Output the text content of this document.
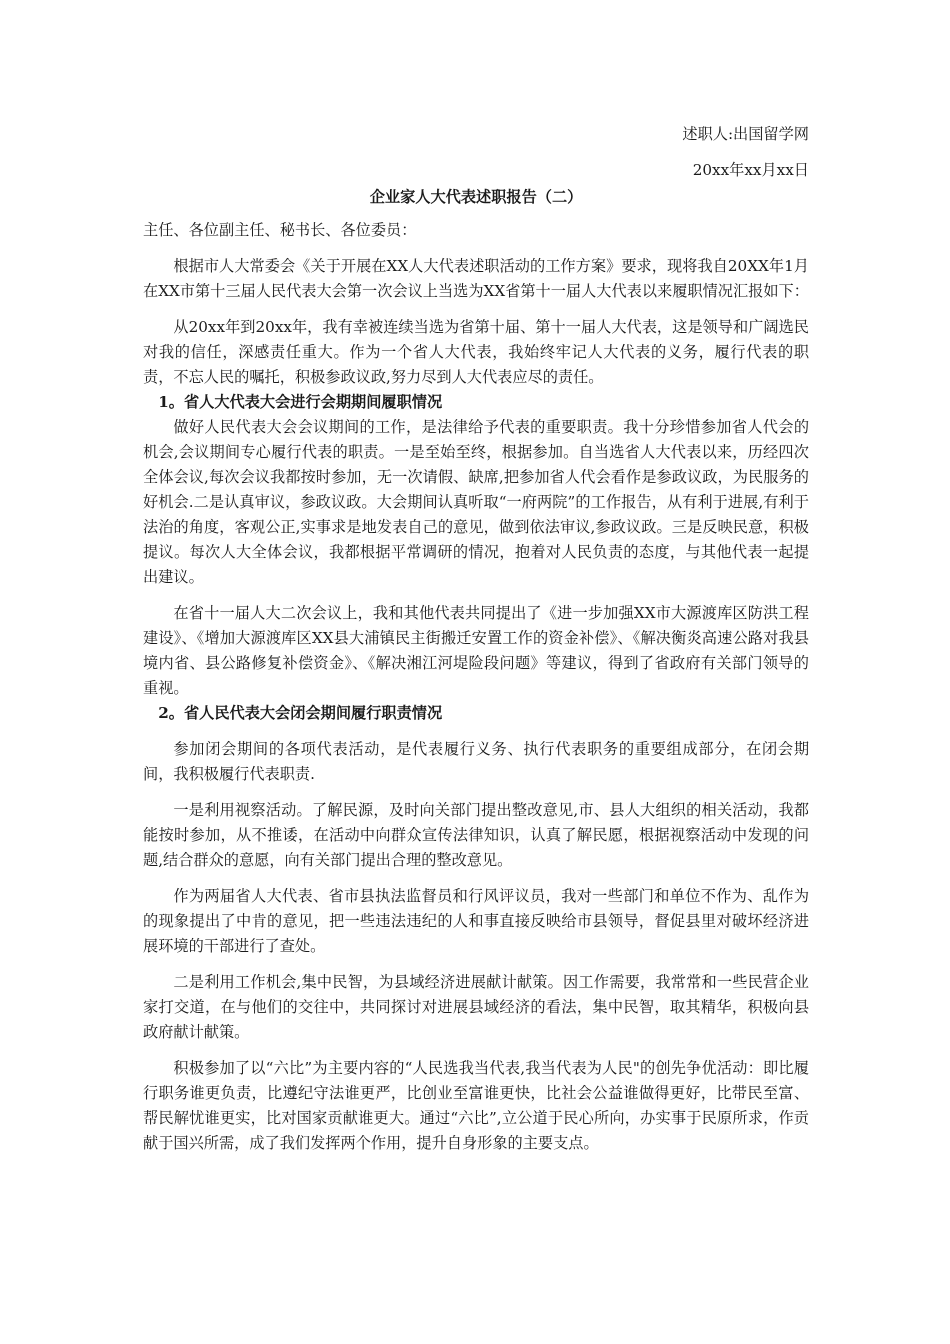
述职人:出国留学网

20xx年xx月xx日

企业家人大代表述职报告（二）

主任、各位副主任、秘书长、各位委员：

根据市人大常委会《关于开展在XX人大代表述职活动的工作方案》要求，现将我自20XX年1月在XX市第十三届人民代表大会第一次会议上当选为XX省第十一届人大代表以来履职情况汇报如下：

从20xx年到20xx年，我有幸被连续当选为省第十届、第十一届人大代表，这是领导和广阔选民对我的信任，深感责任重大。作为一个省人大代表，我始终牢记人大代表的义务，履行代表的职责，不忘人民的嘱托，积极参政议政,努力尽到人大代表应尽的责任。

1。省人大代表大会进行会期期间履职情况

做好人民代表大会会议期间的工作，是法律给予代表的重要职责。我十分珍惜参加省人代会的机会,会议期间专心履行代表的职责。一是至始至终，根据参加。自当选省人大代表以来，历经四次全体会议,每次会议我都按时参加，无一次请假、缺席,把参加省人代会看作是参政议政，为民服务的好机会.二是认真审议，参政议政。大会期间认真听取“一府两院”的工作报告，从有利于进展,有利于法治的角度，客观公正,实事求是地发表自己的意见，做到依法审议,参政议政。三是反映民意，积极提议。每次人大全体会议，我都根据平常调研的情况，抱着对人民负责的态度，与其他代表一起提出建议。

在省十一届人大二次会议上，我和其他代表共同提出了《进一步加强XX市大源渡库区防洪工程建设》、《增加大源渡库区XX县大浦镇民主街搬迁安置工作的资金补偿》、《解决衡炎高速公路对我县境内省、县公路修复补偿资金》、《解决湘江河堤险段问题》等建议，得到了省政府有关部门领导的重视。

2。省人民代表大会闭会期间履行职责情况

参加闭会期间的各项代表活动，是代表履行义务、执行代表职务的重要组成部分，在闭会期间，我积极履行代表职责.

一是利用视察活动。了解民源，及时向关部门提出整改意见,市、县人大组织的相关活动，我都能按时参加，从不推诿，在活动中向群众宣传法律知识，认真了解民愿，根据视察活动中发现的问题,结合群众的意愿，向有关部门提出合理的整改意见。

作为两届省人大代表、省市县执法监督员和行风评议员，我对一些部门和单位不作为、乱作为的现象提出了中肯的意见，把一些违法违纪的人和事直接反映给市县领导，督促县里对破坏经济进展环境的干部进行了查处。

二是利用工作机会,集中民智，为县域经济进展献计献策。因工作需要，我常常和一些民营企业家打交道，在与他们的交往中，共同探讨对进展县域经济的看法，集中民智，取其精华，积极向县政府献计献策。

积极参加了以“六比”为主要内容的“人民选我当代表,我当代表为人民"的创先争优活动：即比履行职务谁更负责，比遵纪守法谁更严，比创业至富谁更快，比社会公益谁做得更好，比带民至富、帮民解忧谁更实，比对国家贡献谁更大。通过“六比”,立公道于民心所向，办实事于民原所求，作贡献于国兴所需，成了我们发挥两个作用，提升自身形象的主要支点。
